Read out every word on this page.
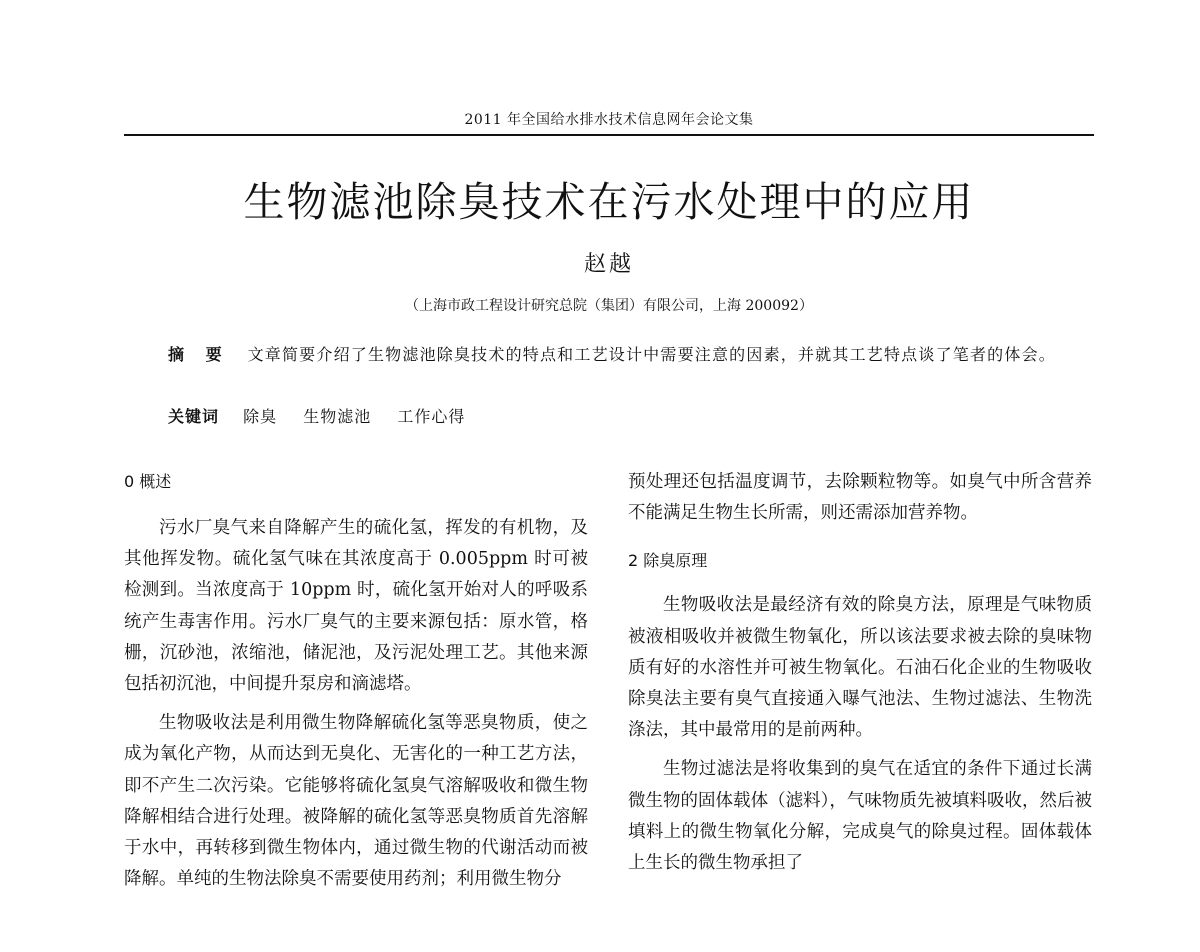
2011 年全国给水排水技术信息网年会论文集
生物滤池除臭技术在污水处理中的应用
赵越
（上海市政工程设计研究总院（集团）有限公司，上海 200092）

摘 要 文章简要介绍了生物滤池除臭技术的特点和工艺设计中需要注意的因素，并就其工艺特点谈了笔者的体会。

关键词 除臭 生物滤池 工作心得
0 概述

污水厂臭气来自降解产生的硫化氢，挥发的有机物，及其他挥发物。硫化氢气味在其浓度高于 0.005ppm 时可被检测到。当浓度高于 10ppm 时，硫化氢开始对人的呼吸系统产生毒害作用。污水厂臭气的主要来源包括：原水管，格栅，沉砂池，浓缩池，储泥池，及污泥处理工艺。其他来源包括初沉池，中间提升泵房和滴滤塔。

生物吸收法是利用微生物降解硫化氢等恶臭物质，使之成为氧化产物，从而达到无臭化、无害化的一种工艺方法，即不产生二次污染。它能够将硫化氢臭气溶解吸收和微生物降解相结合进行处理。被降解的硫化氢等恶臭物质首先溶解于水中，再转移到微生物体内，通过微生物的代谢活动而被降解。单纯的生物法除臭不需要使用药剂；利用微生物分

预处理还包括温度调节，去除颗粒物等。如臭气中所含营养不能满足生物生长所需，则还需添加营养物。

2 除臭原理

生物吸收法是最经济有效的除臭方法，原理是气味物质被液相吸收并被微生物氧化，所以该法要求被去除的臭味物质有好的水溶性并可被生物氧化。石油石化企业的生物吸收除臭法主要有臭气直接通入曝气池法、生物过滤法、生物洗涤法，其中最常用的是前两种。

生物过滤法是将收集到的臭气在适宜的条件下通过长满微生物的固体载体（滤料），气味物质先被填料吸收，然后被填料上的微生物氧化分解，完成臭气的除臭过程。固体载体上生长的微生物承担了
